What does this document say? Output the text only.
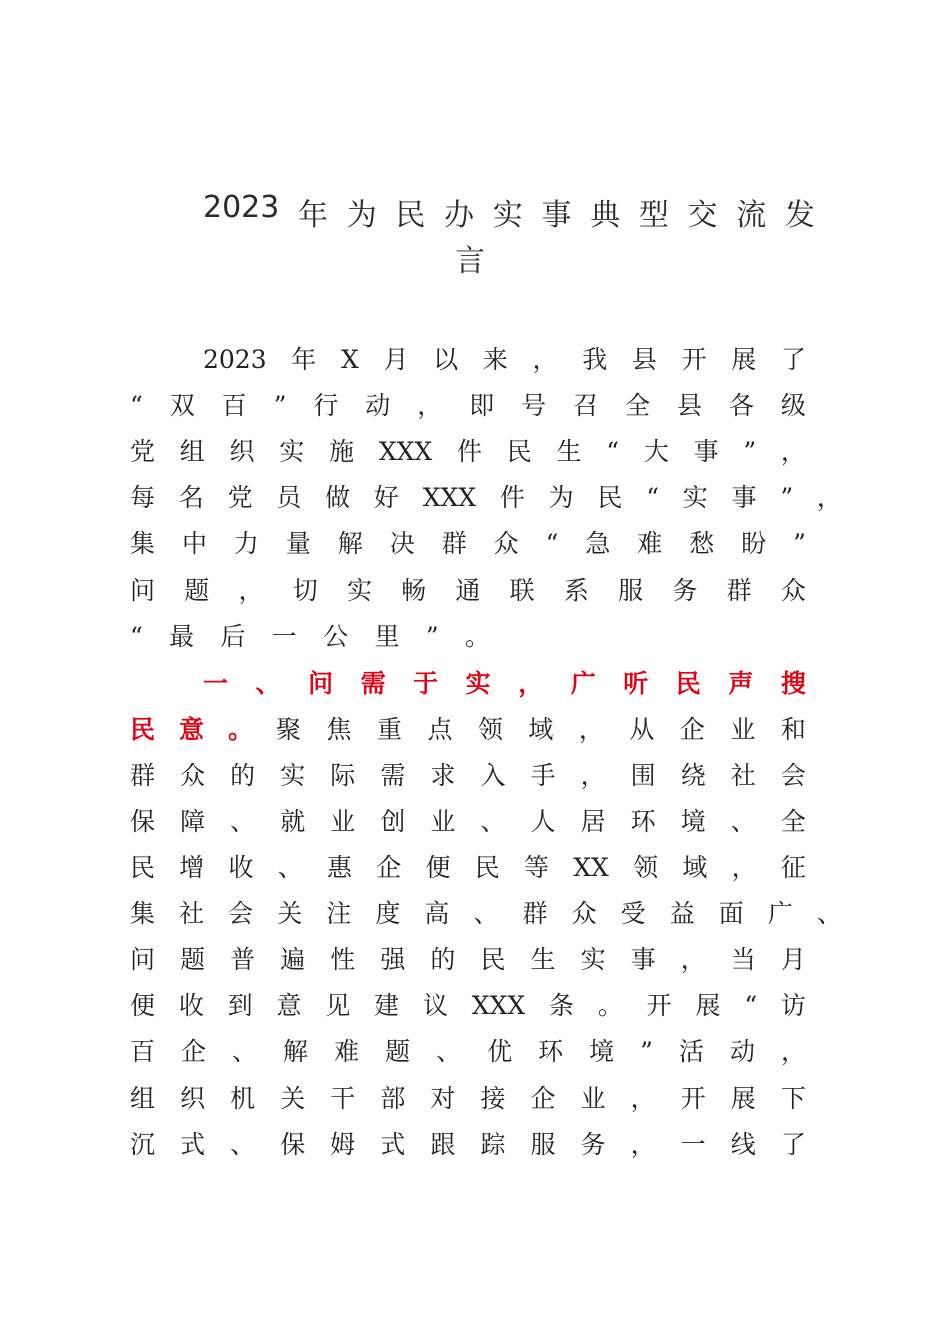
2023 年 为 民 办 实 事 典 型 交 流 发
言
2023 年 X 月 以 来 ， 我 县 开 展 了
“ 双 百 ” 行 动 ， 即 号 召 全 县 各 级
党 组 织 实 施 XXX 件 民 生 “ 大 事 ” ，
每 名 党 员 做 好 XXX 件 为 民 “ 实 事 ” ，
集 中 力 量 解 决 群 众 “ 急 难 愁 盼 ”
问 题 ， 切 实 畅 通 联 系 服 务 群 众
“ 最 后 一 公 里 ” 。
一 、 问 需 于 实 ， 广 听 民 声 搜
民意。
聚 焦 重 点 领 域 ， 从 企 业 和
群 众 的 实 际 需 求 入 手 ， 围 绕 社 会
保 障 、 就 业 创 业 、 人 居 环 境 、 全
民 增 收 、 惠 企 便 民 等 XX 领 域 ， 征
集 社 会 关 注 度 高 、 群 众 受 益 面 广 、
问 题 普 遍 性 强 的 民 生 实 事 ， 当 月
便 收 到 意 见 建 议 XXX 条 。 开 展 “ 访
百 企 、 解 难 题 、 优 环 境 ” 活 动 ，
组 织 机 关 干 部 对 接 企 业 ， 开 展 下
沉 式 、 保 姆 式 跟 踪 服 务 ， 一 线 了
